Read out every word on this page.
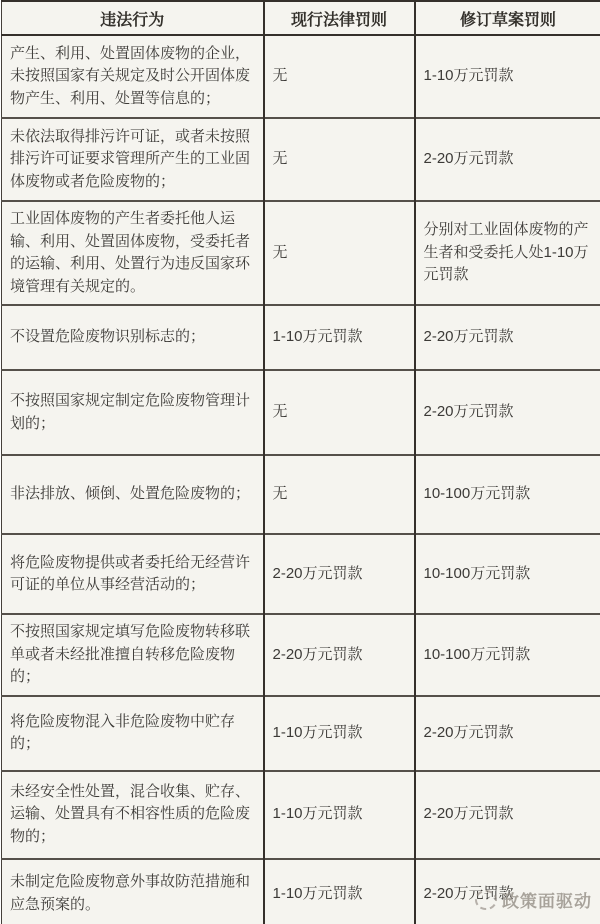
违法行为	现行法律罚则	修订草案罚则
产生、利用、处置固体废物的企业，未按照国家有关规定及时公开固体废物产生、利用、处置等信息的；	无	1-10万元罚款
未依法取得排污许可证，或者未按照排污许可证要求管理所产生的工业固体废物或者危险废物的；	无	2-20万元罚款
工业固体废物的产生者委托他人运输、利用、处置固体废物，受委托者的运输、利用、处置行为违反国家环境管理有关规定的。	无	分别对工业固体废物的产生者和受委托人处1-10万元罚款
不设置危险废物识别标志的；	1-10万元罚款	2-20万元罚款
不按照国家规定制定危险废物管理计划的；	无	2-20万元罚款
非法排放、倾倒、处置危险废物的；	无	10-100万元罚款
将危险废物提供或者委托给无经营许可证的单位从事经营活动的；	2-20万元罚款	10-100万元罚款
不按照国家规定填写危险废物转移联单或者未经批准擅自转移危险废物的；	2-20万元罚款	10-100万元罚款
将危险废物混入非危险废物中贮存的；	1-10万元罚款	2-20万元罚款
未经安全性处置，混合收集、贮存、运输、处置具有不相容性质的危险废物的；	1-10万元罚款	2-20万元罚款
未制定危险废物意外事故防范措施和应急预案的。	1-10万元罚款	2-20万元罚款
政策面驱动
